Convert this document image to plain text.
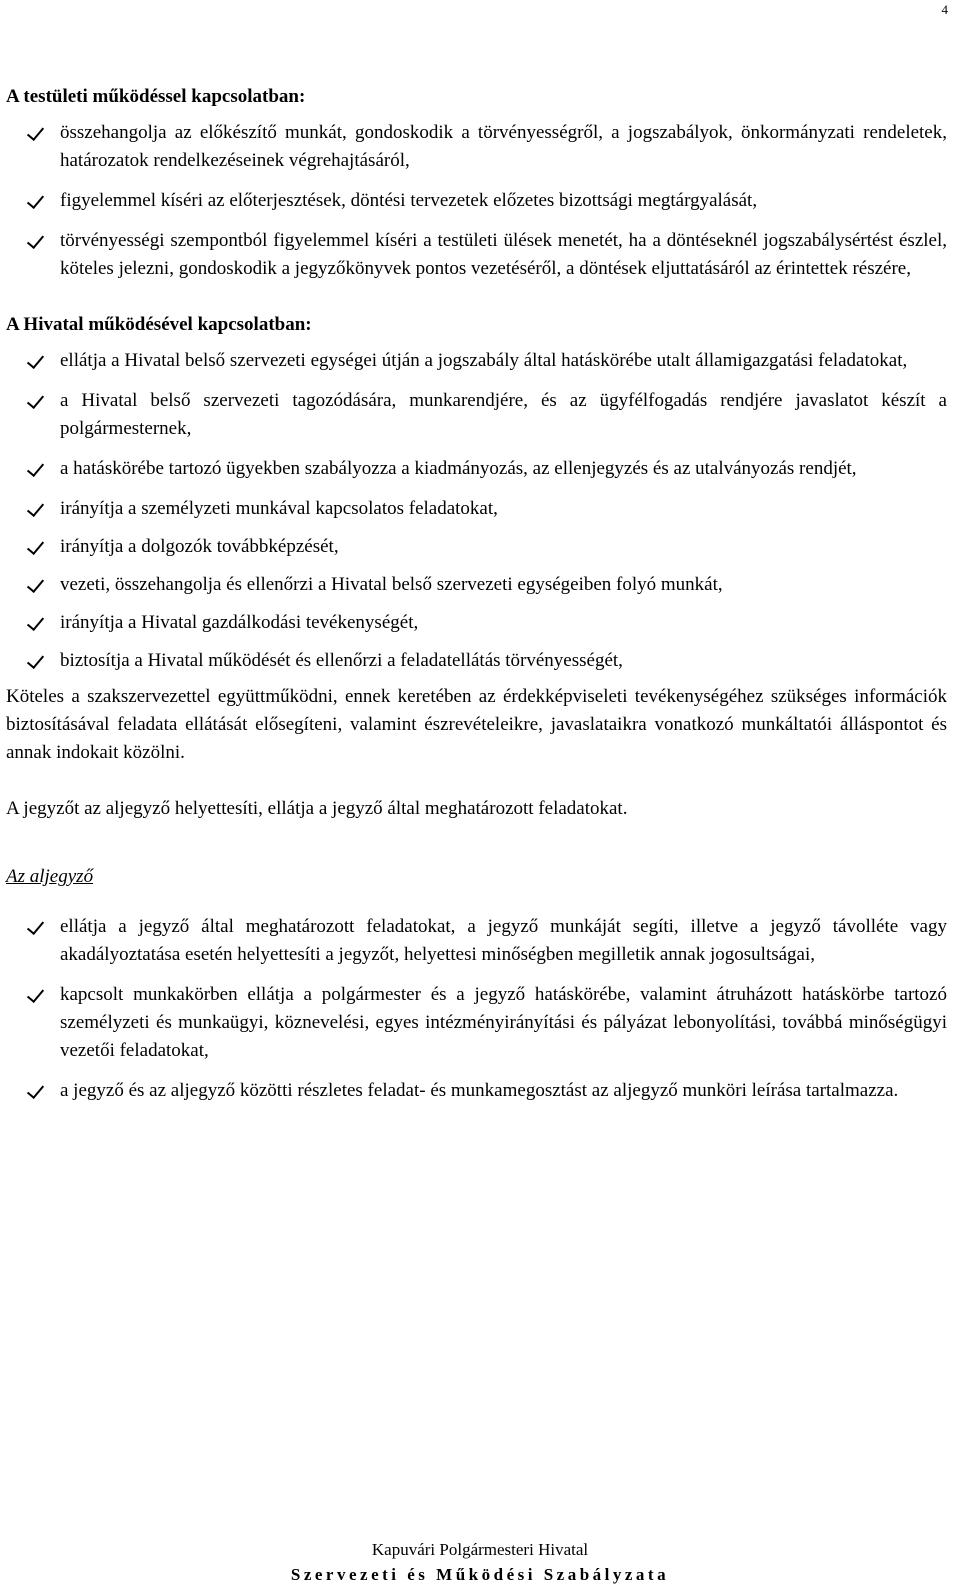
4

A testületi működéssel kapcsolatban:

összehangolja az előkészítő munkát, gondoskodik a törvényességről, a jogszabályok, önkormányzati rendeletek, határozatok rendelkezéseinek végrehajtásáról,
figyelemmel kíséri az előterjesztések, döntési tervezetek előzetes bizottsági megtárgyalását,
törvényességi szempontból figyelemmel kíséri a testületi ülések menetét, ha a döntéseknél jogszabálysértést észlel, köteles jelezni, gondoskodik a jegyzőkönyvek pontos vezetéséről, a döntések eljuttatásáról az érintettek részére,

A Hivatal működésével kapcsolatban:

ellátja a Hivatal belső szervezeti egységei útján a jogszabály által hatáskörébe utalt államigazgatási feladatokat,
a Hivatal belső szervezeti tagozódására, munkarendjére, és az ügyfélfogadás rendjére javaslatot készít a polgármesternek,
a hatáskörébe tartozó ügyekben szabályozza a kiadmányozás, az ellenjegyzés és az utalványozás rendjét,
irányítja a személyzeti munkával kapcsolatos feladatokat,
irányítja a dolgozók továbbképzését,
vezeti, összehangolja és ellenőrzi a Hivatal belső szervezeti egységeiben folyó munkát,
irányítja a Hivatal gazdálkodási tevékenységét,
biztosítja a Hivatal működését és ellenőrzi a feladatellátás törvényességét,

Köteles a szakszervezettel együttműködni, ennek keretében az érdekképviseleti tevékenységéhez szükséges információk biztosításával feladata ellátását elősegíteni, valamint észrevételeikre, javaslataikra vonatkozó munkáltatói álláspontot és annak indokait közölni.

A jegyzőt az aljegyző helyettesíti, ellátja a jegyző által meghatározott feladatokat.

Az aljegyző

ellátja a jegyző által meghatározott feladatokat, a jegyző munkáját segíti, illetve a jegyző távolléte vagy akadályoztatása esetén helyettesíti a jegyzőt, helyettesi minőségben megilletik annak jogosultságai,
kapcsolt munkakörben ellátja a polgármester és a jegyző hatáskörébe, valamint átruházott hatáskörbe tartozó személyzeti és munkaügyi, köznevelési, egyes intézményirányítási és pályázat lebonyolítási, továbbá minőségügyi vezetői feladatokat,
a jegyző és az aljegyző közötti részletes feladat- és munkamegosztást az aljegyző munköri leírása tartalmazza.
Kapuvári Polgármesteri Hivatal
Szervezeti és Működési Szabályzata
